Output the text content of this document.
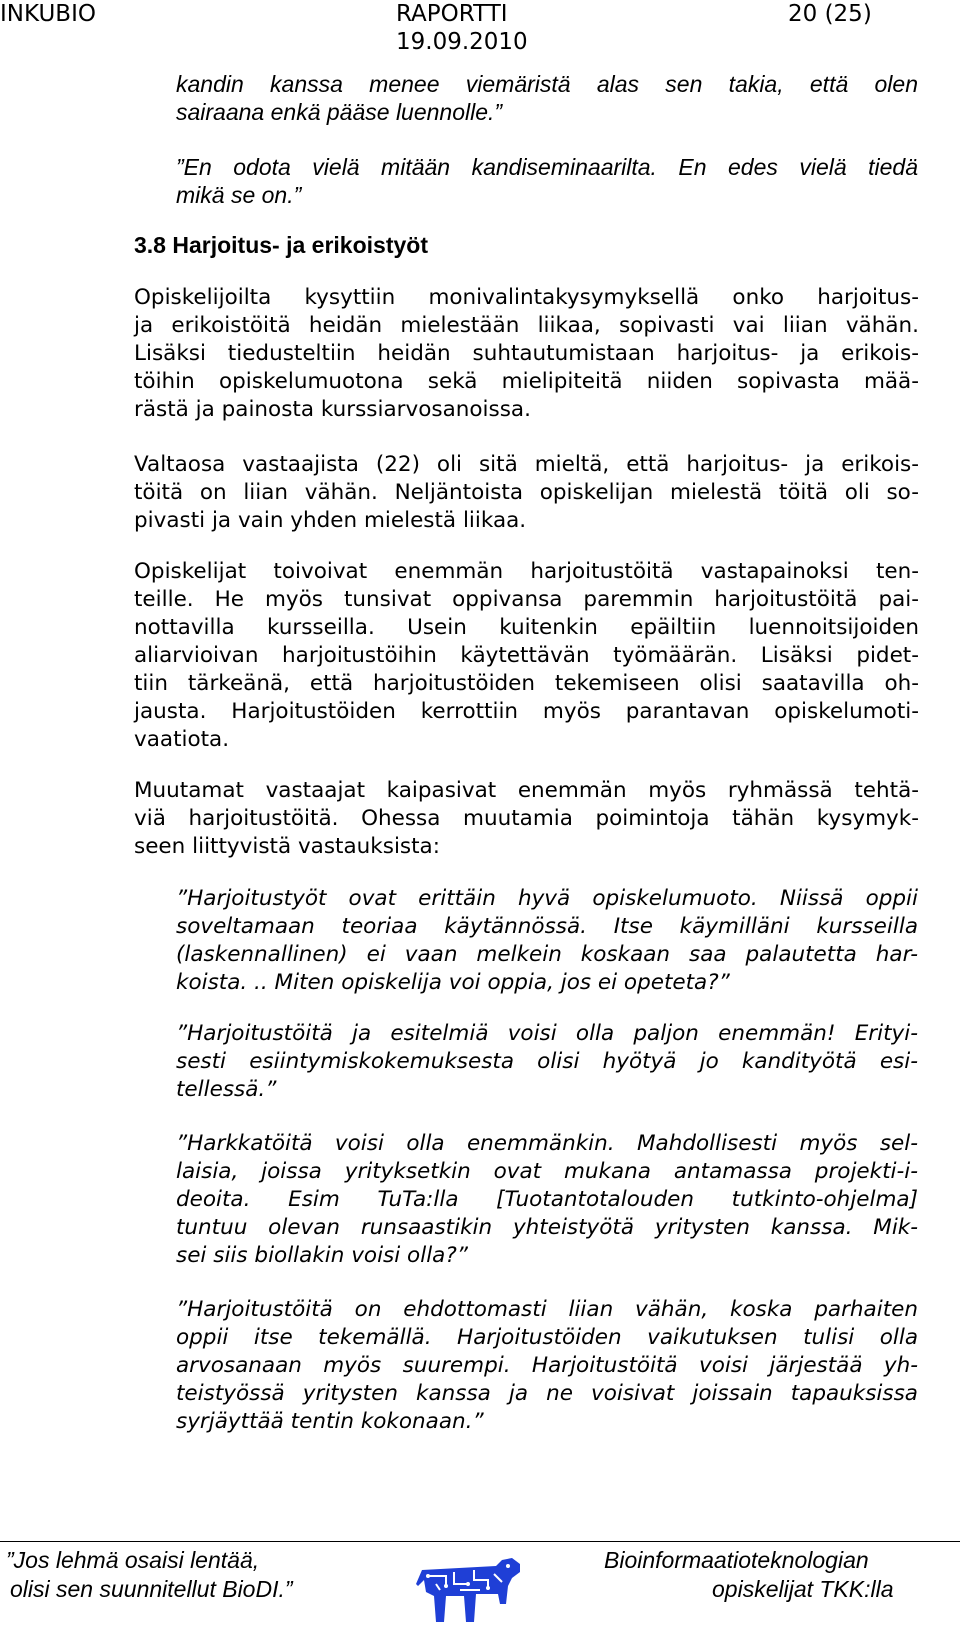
INKUBIO	RAPORTTI
19.09.2010
20 (25)
kandin kanssa menee viemäristä alas sen takia, että olen
sairaana enkä pääse luennolle.”
”En odota vielä mitään kandiseminaarilta. En edes vielä tiedä
mikä se on.”
3.8 Harjoitus- ja erikoistyöt
Opiskelijoilta kysyttiin monivalintakysymyksellä onko harjoitus-
ja erikoistöitä heidän mielestään liikaa, sopivasti vai liian vähän.
Lisäksi tiedusteltiin heidän suhtautumistaan harjoitus- ja erikois-
töihin opiskelumuotona sekä mielipiteitä niiden sopivasta mää-
rästä ja painosta kurssiarvosanoissa.
Valtaosa vastaajista (22) oli sitä mieltä, että harjoitus- ja erikois-
töitä on liian vähän. Neljäntoista opiskelijan mielestä töitä oli so-
pivasti ja vain yhden mielestä liikaa.
Opiskelijat toivoivat enemmän harjoitustöitä vastapainoksi ten-
teille. He myös tunsivat oppivansa paremmin harjoitustöitä pai-
nottavilla kursseilla. Usein kuitenkin epäiltiin luennoitsijoiden
aliarvioivan harjoitustöihin käytettävän työmäärän. Lisäksi pidet-
tiin tärkeänä, että harjoitustöiden tekemiseen olisi saatavilla oh-
jausta. Harjoitustöiden kerrottiin myös parantavan opiskelumoti-
vaatiota.
Muutamat vastaajat kaipasivat enemmän myös ryhmässä tehtä-
viä harjoitustöitä. Ohessa muutamia poimintoja tähän kysymyk-
seen liittyvistä vastauksista:
”Harjoitustyöt ovat erittäin hyvä opiskelumuoto. Niissä oppii
soveltamaan teoriaa käytännössä. Itse käymilläni kursseilla
(laskennallinen) ei vaan melkein koskaan saa palautetta har-
koista. .. Miten opiskelija voi oppia, jos ei opeteta?”
”Harjoitustöitä ja esitelmiä voisi olla paljon enemmän! Erityi-
sesti esiintymiskokemuksesta olisi hyötyä jo kandityötä esi-
tellessä.”
”Harkkatöitä voisi olla enemmänkin. Mahdollisesti myös sel-
laisia, joissa yrityksetkin ovat mukana antamassa projekti-i-
deoita. Esim TuTa:lla [Tuotantotalouden tutkinto-ohjelma]
tuntuu olevan runsaastikin yhteistyötä yritysten kanssa. Mik-
sei siis biollakin voisi olla?”
”Harjoitustöitä on ehdottomasti liian vähän, koska parhaiten
oppii itse tekemällä. Harjoitustöiden vaikutuksen tulisi olla
arvosanaan myös suurempi. Harjoitustöitä voisi järjestää yh-
teistyössä yritysten kanssa ja ne voisivat joissain tapauksissa
syrjäyttää tentin kokonaan.”
”Jos lehmä osaisi lentää,
olisi sen suunnitellut BioDI.”
Bioinformaatioteknologian
opiskelijat TKK:lla
